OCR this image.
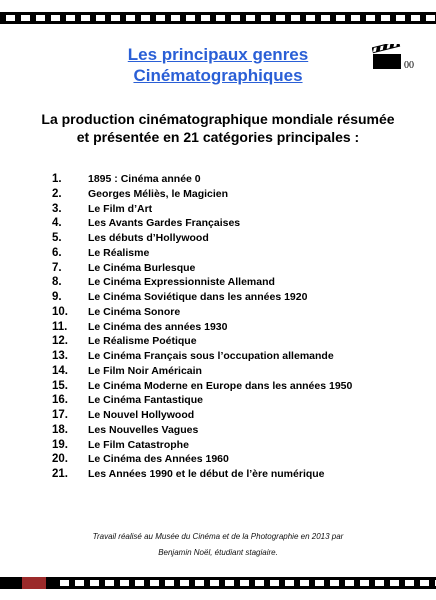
Les principaux genres
Cinématographiques
00
La production cinématographique mondiale résumée
et présentée en 21 catégories principales :
1.	1895 : Cinéma année 0
2.	Georges Méliès, le Magicien
3.	Le Film d’Art
4.	Les Avants Gardes Françaises
5.	Les débuts d’Hollywood
6.	Le Réalisme
7.	Le Cinéma Burlesque
8.	Le Cinéma Expressionniste Allemand
9.	Le Cinéma Soviétique dans les années 1920
10.	Le Cinéma Sonore
11.	Le Cinéma des années 1930
12.	Le Réalisme Poétique
13.	Le Cinéma Français sous l’occupation allemande
14.	Le Film Noir Américain
15.	Le Cinéma Moderne en Europe dans les années 1950
16.	Le Cinéma Fantastique
17.	Le Nouvel Hollywood
18.	Les Nouvelles Vagues
19.	Le Film Catastrophe
20.	Le Cinéma des Années 1960
21.	Les Années 1990 et le début de l’ère numérique
Travail réalisé au Musée du Cinéma et de la Photographie en 2013 par
Benjamin Noël, étudiant stagiaire.
